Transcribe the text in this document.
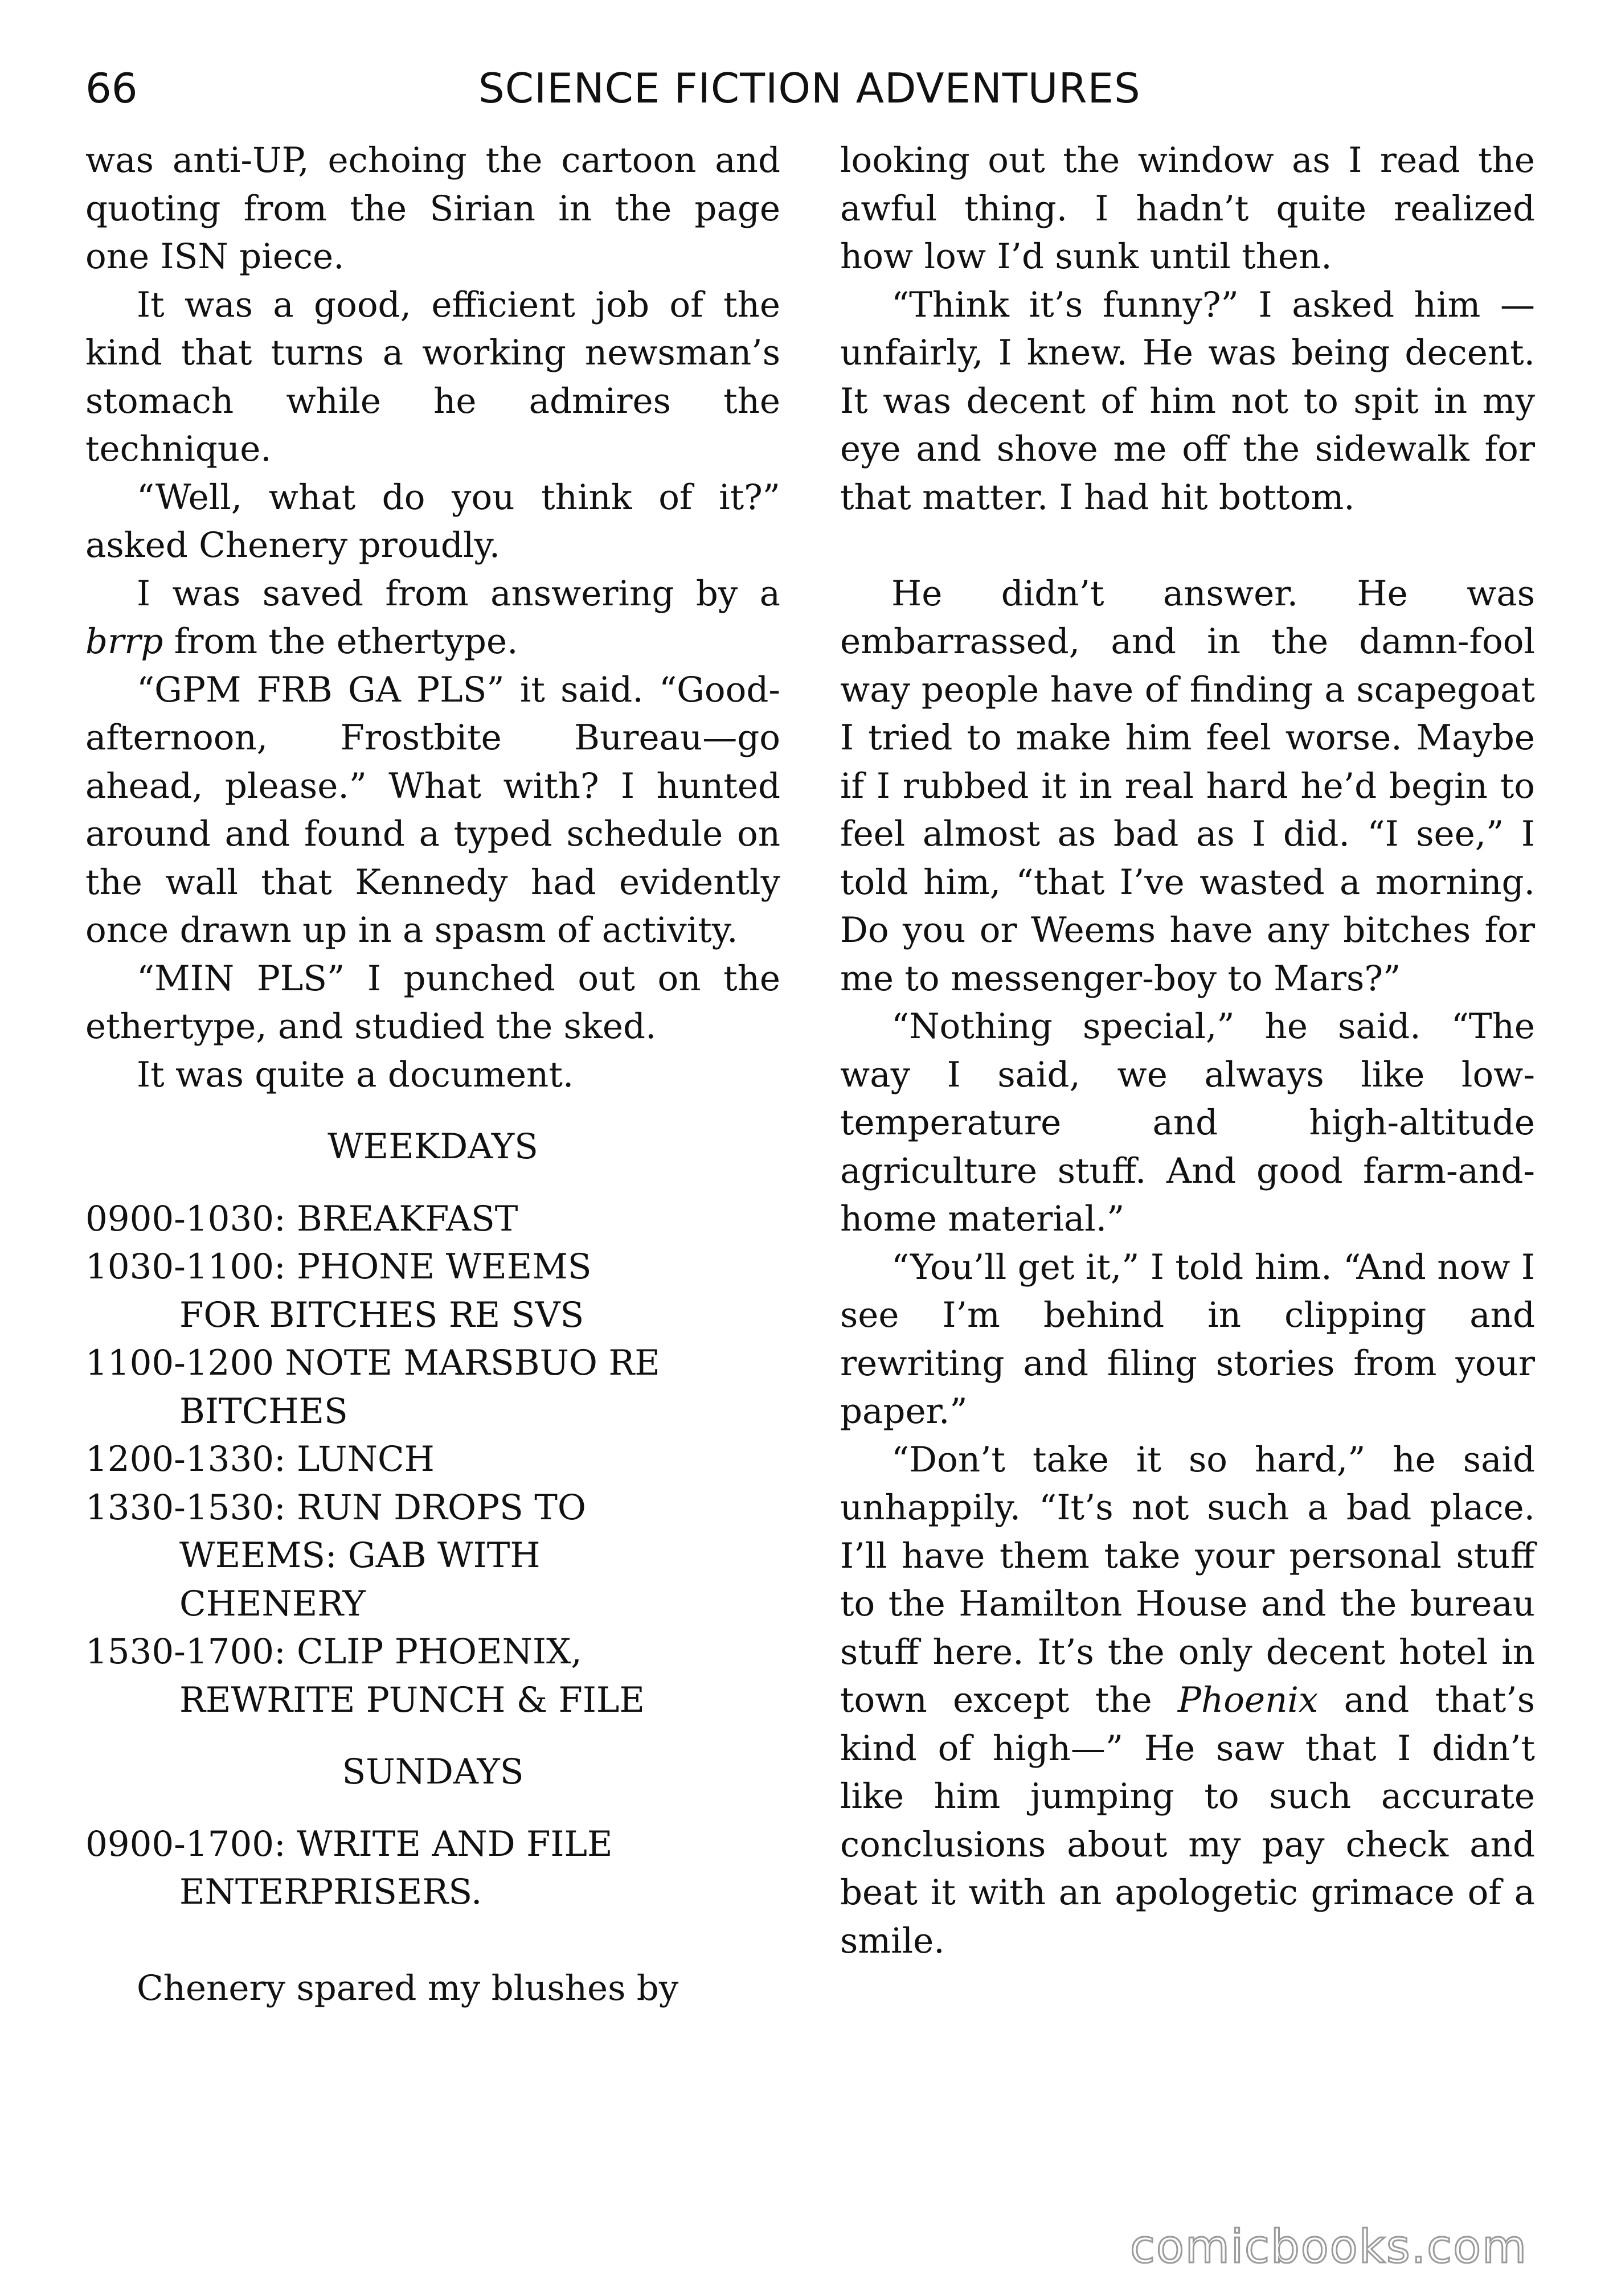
66	SCIENCE FICTION ADVENTURES

was anti-UP, echoing the cartoon and quoting from the Sirian in the page one ISN piece.

It was a good, efficient job of the kind that turns a working newsman’s stomach while he admires the technique.

“Well, what do you think of it?” asked Chenery proudly.

I was saved from answering by a brrp from the ethertype.

“GPM FRB GA PLS” it said. “Good-afternoon, Frostbite Bureau—go ahead, please.” What with? I hunted around and found a typed schedule on the wall that Kennedy had evidently once drawn up in a spasm of activity.

“MIN PLS” I punched out on the ethertype, and studied the sked.

It was quite a document.

WEEKDAYS

0900-1030: BREAKFAST

1030-1100: PHONE WEEMS

FOR BITCHES RE SVS

1100-1200 NOTE MARSBUO RE

BITCHES

1200-1330: LUNCH

1330-1530: RUN DROPS TO

WEEMS: GAB WITH

CHENERY

1530-1700: CLIP PHOENIX,

REWRITE PUNCH & FILE

SUNDAYS

0900-1700: WRITE AND FILE

ENTERPRISERS.

Chenery spared my blushes by

looking out the window as I read the awful thing. I hadn’t quite realized how low I’d sunk until then.

“Think it’s funny?” I asked him —unfairly, I knew. He was being decent. It was decent of him not to spit in my eye and shove me off the sidewalk for that matter. I had hit bottom.

He didn’t answer. He was embarrassed, and in the damn-fool way people have of finding a scapegoat I tried to make him feel worse. Maybe if I rubbed it in real hard he’d begin to feel almost as bad as I did. “I see,” I told him, “that I’ve wasted a morning. Do you or Weems have any bitches for me to messenger-boy to Mars?”

“Nothing special,” he said. “The way I said, we always like low-temperature and high-altitude agriculture stuff. And good farm-and-home material.”

“You’ll get it,” I told him. “And now I see I’m behind in clipping and rewriting and filing stories from your paper.”

“Don’t take it so hard,” he said unhappily. “It’s not such a bad place. I’ll have them take your personal stuff to the Hamilton House and the bureau stuff here. It’s the only decent hotel in town except the Phoenix and that’s kind of high—” He saw that I didn’t like him jumping to such accurate conclusions about my pay check and beat it with an apologetic grimace of a smile.

comicbooks.com
